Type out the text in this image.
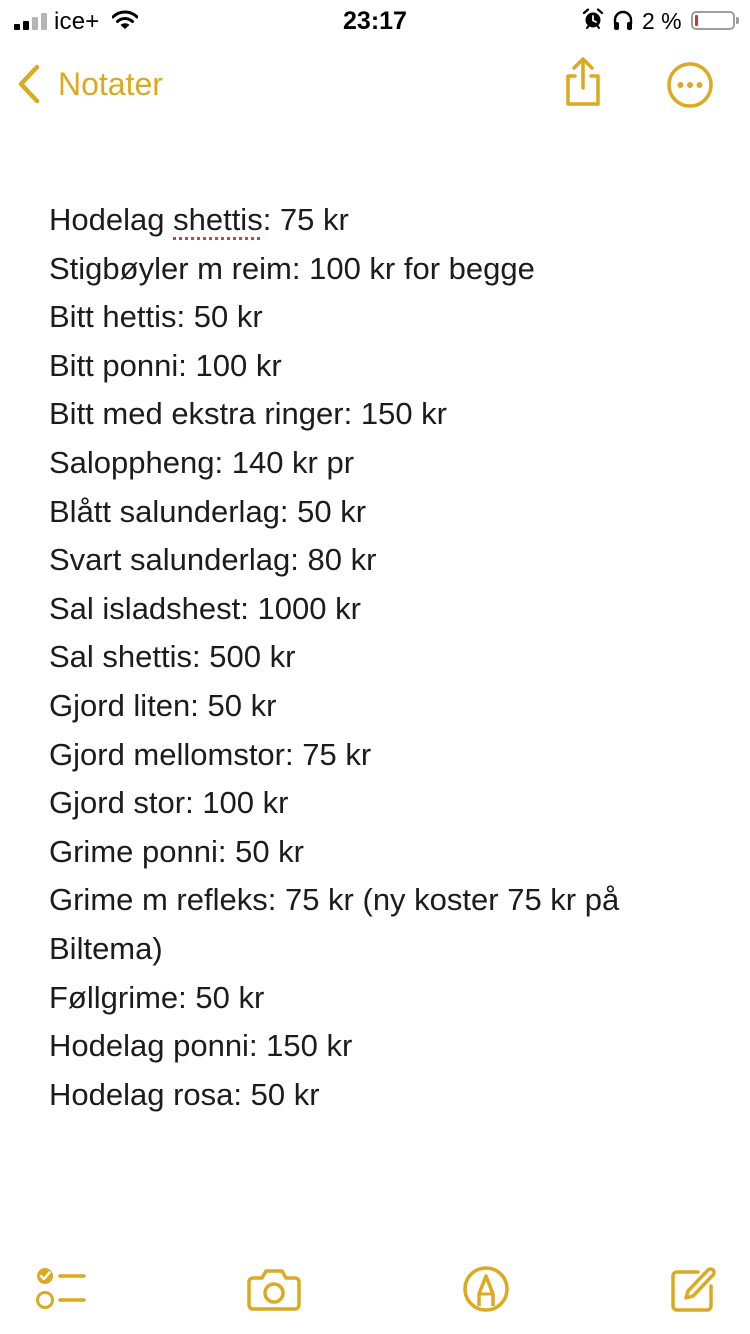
ice+	23:17	2 %
Notater
Hodelag shettis: 75 kr
Stigbøyler m reim: 100 kr for begge
Bitt hettis: 50 kr
Bitt ponni: 100 kr
Bitt med ekstra ringer: 150 kr
Saloppheng: 140 kr pr
Blått salunderlag: 50 kr
Svart salunderlag: 80 kr
Sal isladshest: 1000 kr
Sal shettis: 500 kr
Gjord liten: 50 kr
Gjord mellomstor: 75 kr
Gjord stor: 100 kr
Grime ponni: 50 kr
Grime m refleks: 75 kr (ny koster 75 kr på Biltema)
Føllgrime: 50 kr
Hodelag ponni: 150 kr
Hodelag rosa: 50 kr
